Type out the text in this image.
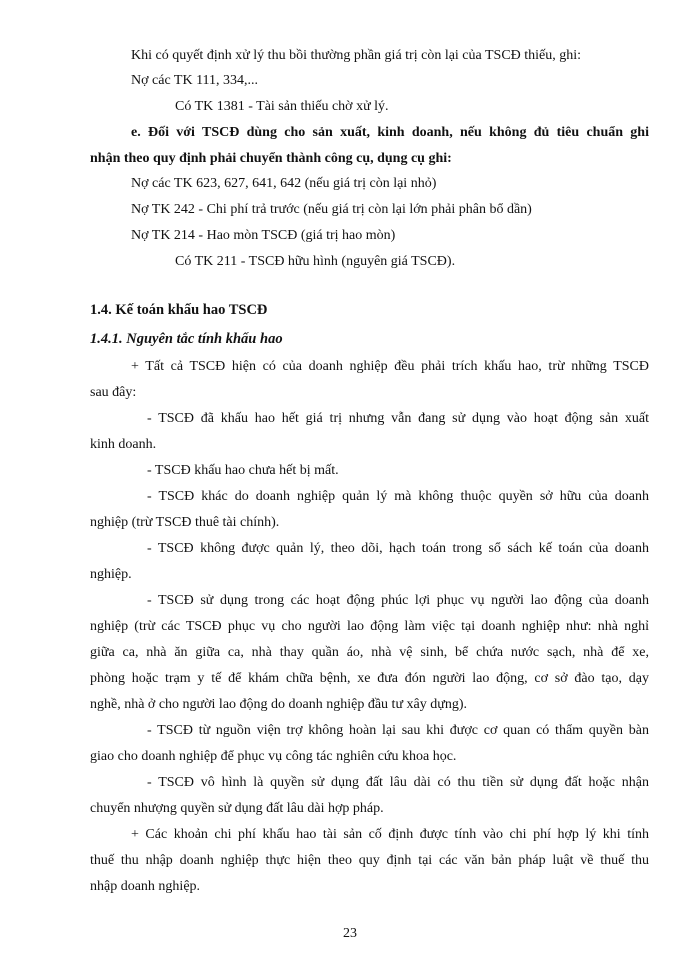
Khi có quyết định xử lý thu bồi thường phần giá trị còn lại của TSCĐ thiếu, ghi:
Nợ các TK 111, 334,...
Có TK 1381 - Tài sản thiếu chờ xử lý.
e. Đối với TSCĐ dùng cho sản xuất, kinh doanh, nếu không đủ tiêu chuẩn ghi
nhận theo quy định phải chuyển thành công cụ, dụng cụ ghi:
Nợ các TK 623, 627, 641, 642 (nếu giá trị còn lại nhỏ)
Nợ TK 242 - Chi phí trả trước (nếu giá trị còn lại lớn phải phân bổ dần)
Nợ TK 214 - Hao mòn TSCĐ (giá trị hao mòn)
Có TK 211 - TSCĐ hữu hình (nguyên giá TSCĐ).
1.4. Kế toán khấu hao TSCĐ
1.4.1. Nguyên tắc tính khấu hao
+ Tất cả TSCĐ hiện có của doanh nghiệp đều phải trích khấu hao, trừ những TSCĐ
sau đây:
- TSCĐ đã khấu hao hết giá trị nhưng vẫn đang sử dụng vào hoạt động sản xuất
kinh doanh.
- TSCĐ khấu hao chưa hết bị mất.
- TSCĐ khác do doanh nghiệp quản lý mà không thuộc quyền sở hữu của doanh
nghiệp (trừ TSCĐ thuê tài chính).
- TSCĐ không được quản lý, theo dõi, hạch toán trong sổ sách kế toán của doanh
nghiệp.
- TSCĐ sử dụng trong các hoạt động phúc lợi phục vụ người lao động của doanh
nghiệp (trừ các TSCĐ phục vụ cho người lao động làm việc tại doanh nghiệp như: nhà nghỉ
giữa ca, nhà ăn giữa ca, nhà thay quần áo, nhà vệ sinh, bể chứa nước sạch, nhà để xe,
phòng hoặc trạm y tế để khám chữa bệnh, xe đưa đón người lao động, cơ sở đào tạo, dạy
nghề, nhà ở cho người lao động do doanh nghiệp đầu tư xây dựng).
- TSCĐ từ nguồn viện trợ không hoàn lại sau khi được cơ quan có thẩm quyền bàn
giao cho doanh nghiệp để phục vụ công tác nghiên cứu khoa học.
- TSCĐ vô hình là quyền sử dụng đất lâu dài có thu tiền sử dụng đất hoặc nhận
chuyển nhượng quyền sử dụng đất lâu dài hợp pháp.
+ Các khoản chi phí khấu hao tài sản cố định được tính vào chi phí hợp lý khi tính
thuế thu nhập doanh nghiệp thực hiện theo quy định tại các văn bản pháp luật về thuế thu
nhập doanh nghiệp.
23
